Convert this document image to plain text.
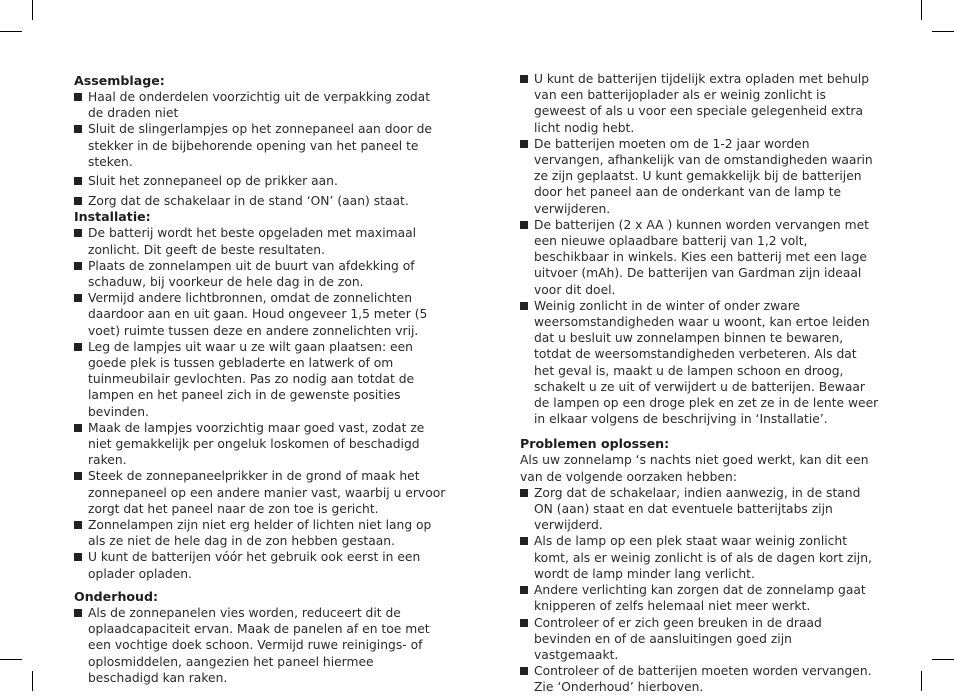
Assemblage:
Haal de onderdelen voorzichtig uit de verpakking zodat de draden niet
Sluit de slingerlampjes op het zonnepaneel aan door de stekker in de bijbehorende opening van het paneel te steken.
Sluit het zonnepaneel op de prikker aan.
Zorg dat de schakelaar in de stand ‘ON’ (aan) staat.
Installatie:
De batterij wordt het beste opgeladen met maximaal zonlicht. Dit geeft de beste resultaten.
Plaats de zonnelampen uit de buurt van afdekking of schaduw, bij voorkeur de hele dag in de zon.
Vermijd andere lichtbronnen, omdat de zonnelichten daardoor aan en uit gaan. Houd ongeveer 1,5 meter (5 voet) ruimte tussen deze en andere zonnelichten vrij.
Leg de lampjes uit waar u ze wilt gaan plaatsen: een goede plek is tussen gebladerte en latwerk of om tuinmeubilair gevlochten. Pas zo nodig aan totdat de lampen en het paneel zich in de gewenste posities bevinden.
Maak de lampjes voorzichtig maar goed vast, zodat ze niet gemakkelijk per ongeluk loskomen of beschadigd raken.
Steek de zonnepaneelprikker in de grond of maak het zonnepaneel op een andere manier vast, waarbij u ervoor zorgt dat het paneel naar de zon toe is gericht.
Zonnelampen zijn niet erg helder of lichten niet lang op als ze niet de hele dag in de zon hebben gestaan.
U kunt de batterijen vóór het gebruik ook eerst in een oplader opladen.
Onderhoud:
Als de zonnepanelen vies worden, reduceert dit de oplaadcapaciteit ervan. Maak de panelen af en toe met een vochtige doek schoon. Vermijd ruwe reinigings- of oplosmiddelen, aangezien het paneel hiermee beschadigd kan raken.
U kunt de batterijen tijdelijk extra opladen met behulp van een batterijoplader als er weinig zonlicht is geweest of als u voor een speciale gelegenheid extra licht nodig hebt.
De batterijen moeten om de 1-2 jaar worden vervangen, afhankelijk van de omstandigheden waarin ze zijn geplaatst. U kunt gemakkelijk bij de batterijen door het paneel aan de onderkant van de lamp te verwijderen.
De batterijen (2 x AA ) kunnen worden vervangen met een nieuwe oplaadbare batterij van 1,2 volt, beschikbaar in winkels. Kies een batterij met een lage uitvoer (mAh). De batterijen van Gardman zijn ideaal voor dit doel.
Weinig zonlicht in de winter of onder zware weersomstandigheden waar u woont, kan ertoe leiden dat u besluit uw zonnelampen binnen te bewaren, totdat de weersomstandigheden verbeteren. Als dat het geval is, maakt u de lampen schoon en droog, schakelt u ze uit of verwijdert u de batterijen. Bewaar de lampen op een droge plek en zet ze in de lente weer in elkaar volgens de beschrijving in ‘Installatie’.
Problemen oplossen:

Als uw zonnelamp ‘s nachts niet goed werkt, kan dit een van de volgende oorzaken hebben:

Zorg dat de schakelaar, indien aanwezig, in de stand ON (aan) staat en dat eventuele batterijtabs zijn verwijderd.
Als de lamp op een plek staat waar weinig zonlicht komt, als er weinig zonlicht is of als de dagen kort zijn, wordt de lamp minder lang verlicht.
Andere verlichting kan zorgen dat de zonnelamp gaat knipperen of zelfs helemaal niet meer werkt.
Controleer of er zich geen breuken in de draad bevinden en of de aansluitingen goed zijn vastgemaakt.
Controleer of de batterijen moeten worden vervangen. Zie ‘Onderhoud’ hierboven.
